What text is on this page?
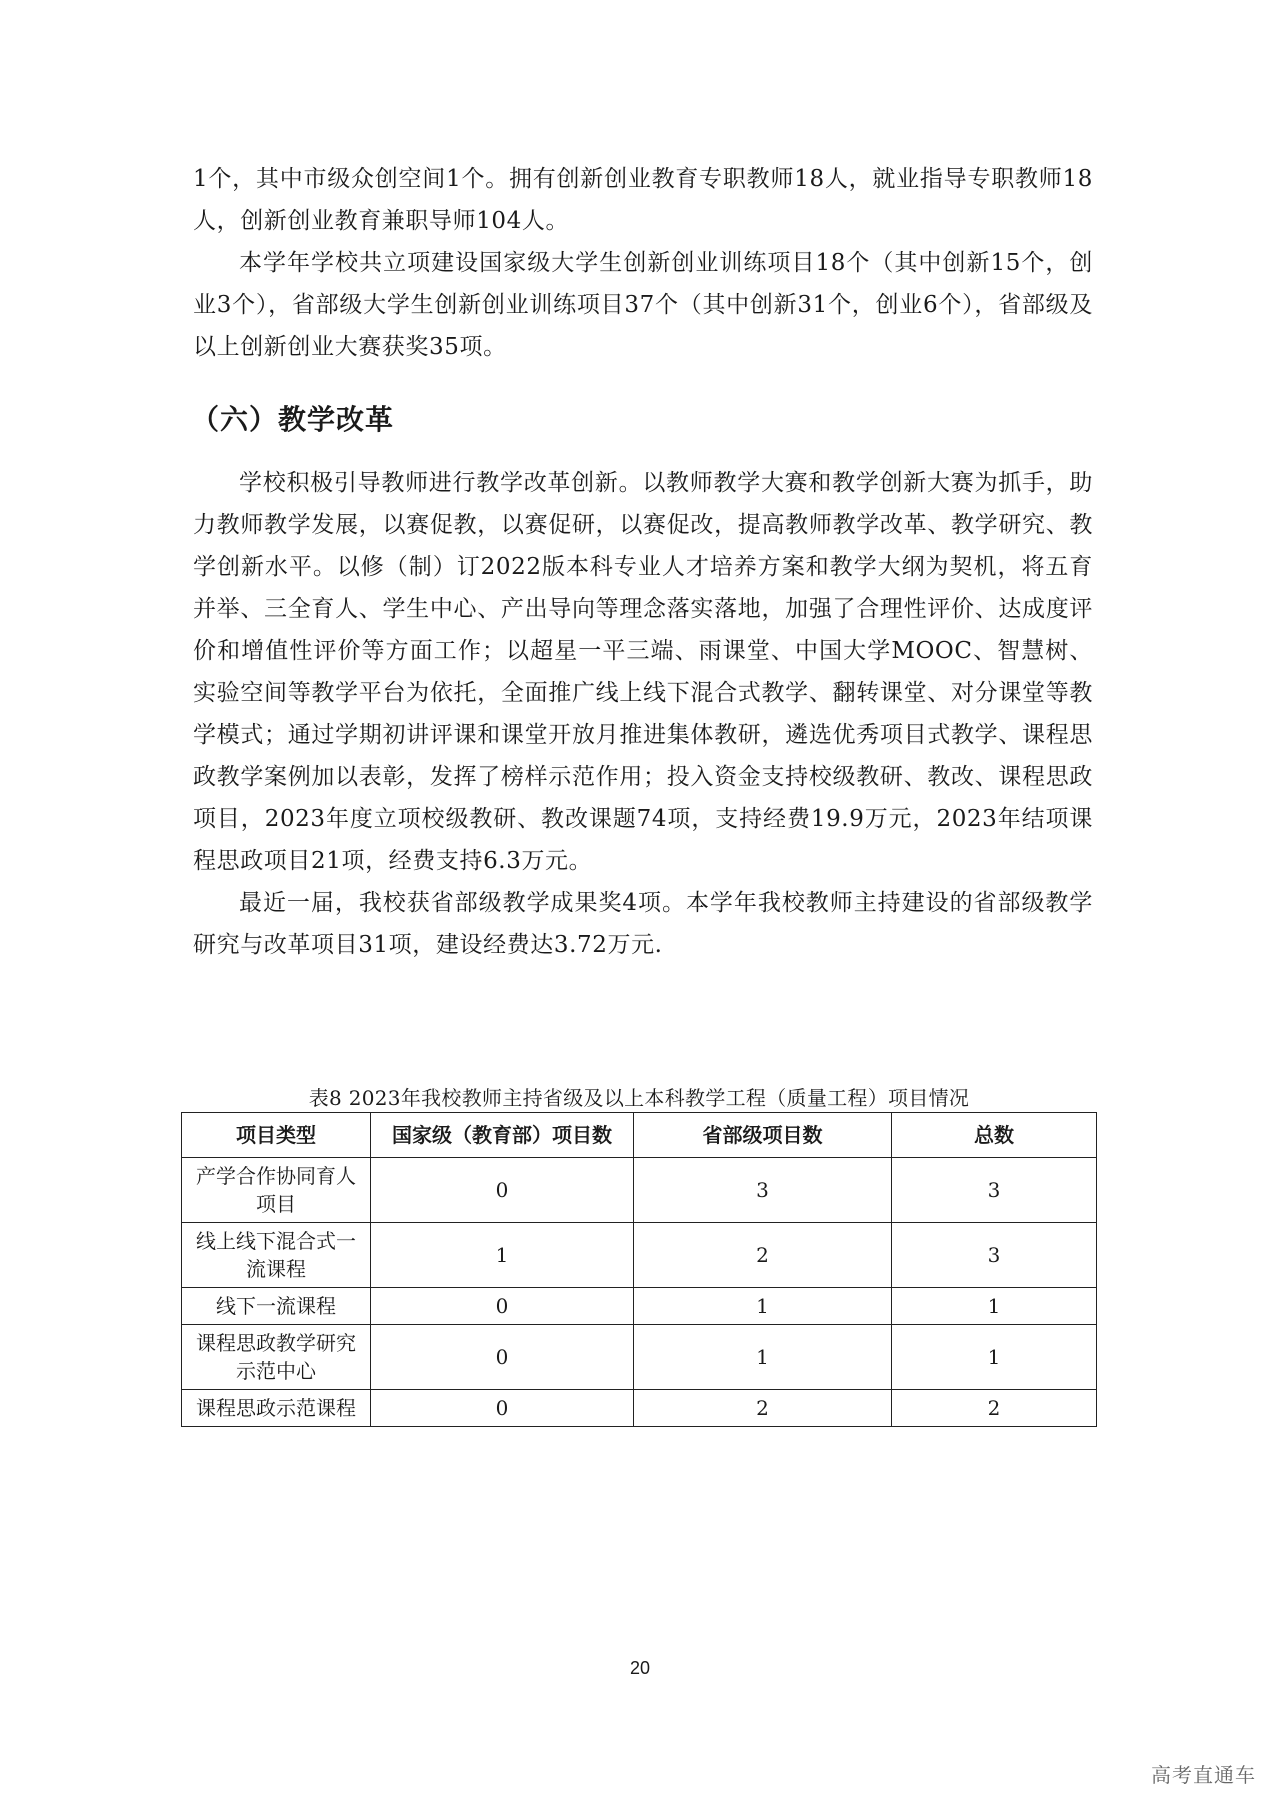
1个，其中市级众创空间1个。拥有创新创业教育专职教师18人，就业指导专职教师18人，创新创业教育兼职导师104人。

本学年学校共立项建设国家级大学生创新创业训练项目18个（其中创新15个，创业3个），省部级大学生创新创业训练项目37个（其中创新31个，创业6个），省部级及以上创新创业大赛获奖35项。

（六）教学改革

学校积极引导教师进行教学改革创新。以教师教学大赛和教学创新大赛为抓手，助力教师教学发展，以赛促教，以赛促研，以赛促改，提高教师教学改革、教学研究、教学创新水平。以修（制）订2022版本科专业人才培养方案和教学大纲为契机，将五育并举、三全育人、学生中心、产出导向等理念落实落地，加强了合理性评价、达成度评价和增值性评价等方面工作；以超星一平三端、雨课堂、中国大学MOOC、智慧树、实验空间等教学平台为依托，全面推广线上线下混合式教学、翻转课堂、对分课堂等教学模式；通过学期初讲评课和课堂开放月推进集体教研，遴选优秀项目式教学、课程思政教学案例加以表彰，发挥了榜样示范作用；投入资金支持校级教研、教改、课程思政项目，2023年度立项校级教研、教改课题74项，支持经费19.9万元，2023年结项课程思政项目21项，经费支持6.3万元。

最近一届，我校获省部级教学成果奖4项。本学年我校教师主持建设的省部级教学研究与改革项目31项，建设经费达3.72万元.

表8 2023年我校教师主持省级及以上本科教学工程（质量工程）项目情况
项目类型	国家级（教育部）项目数	省部级项目数	总数
产学合作协同育人项目	0	3	3
线上线下混合式一流课程	1	2	3
线下一流课程	0	1	1
课程思政教学研究示范中心	0	1	1
课程思政示范课程	0	2	2
20
高考直通车
